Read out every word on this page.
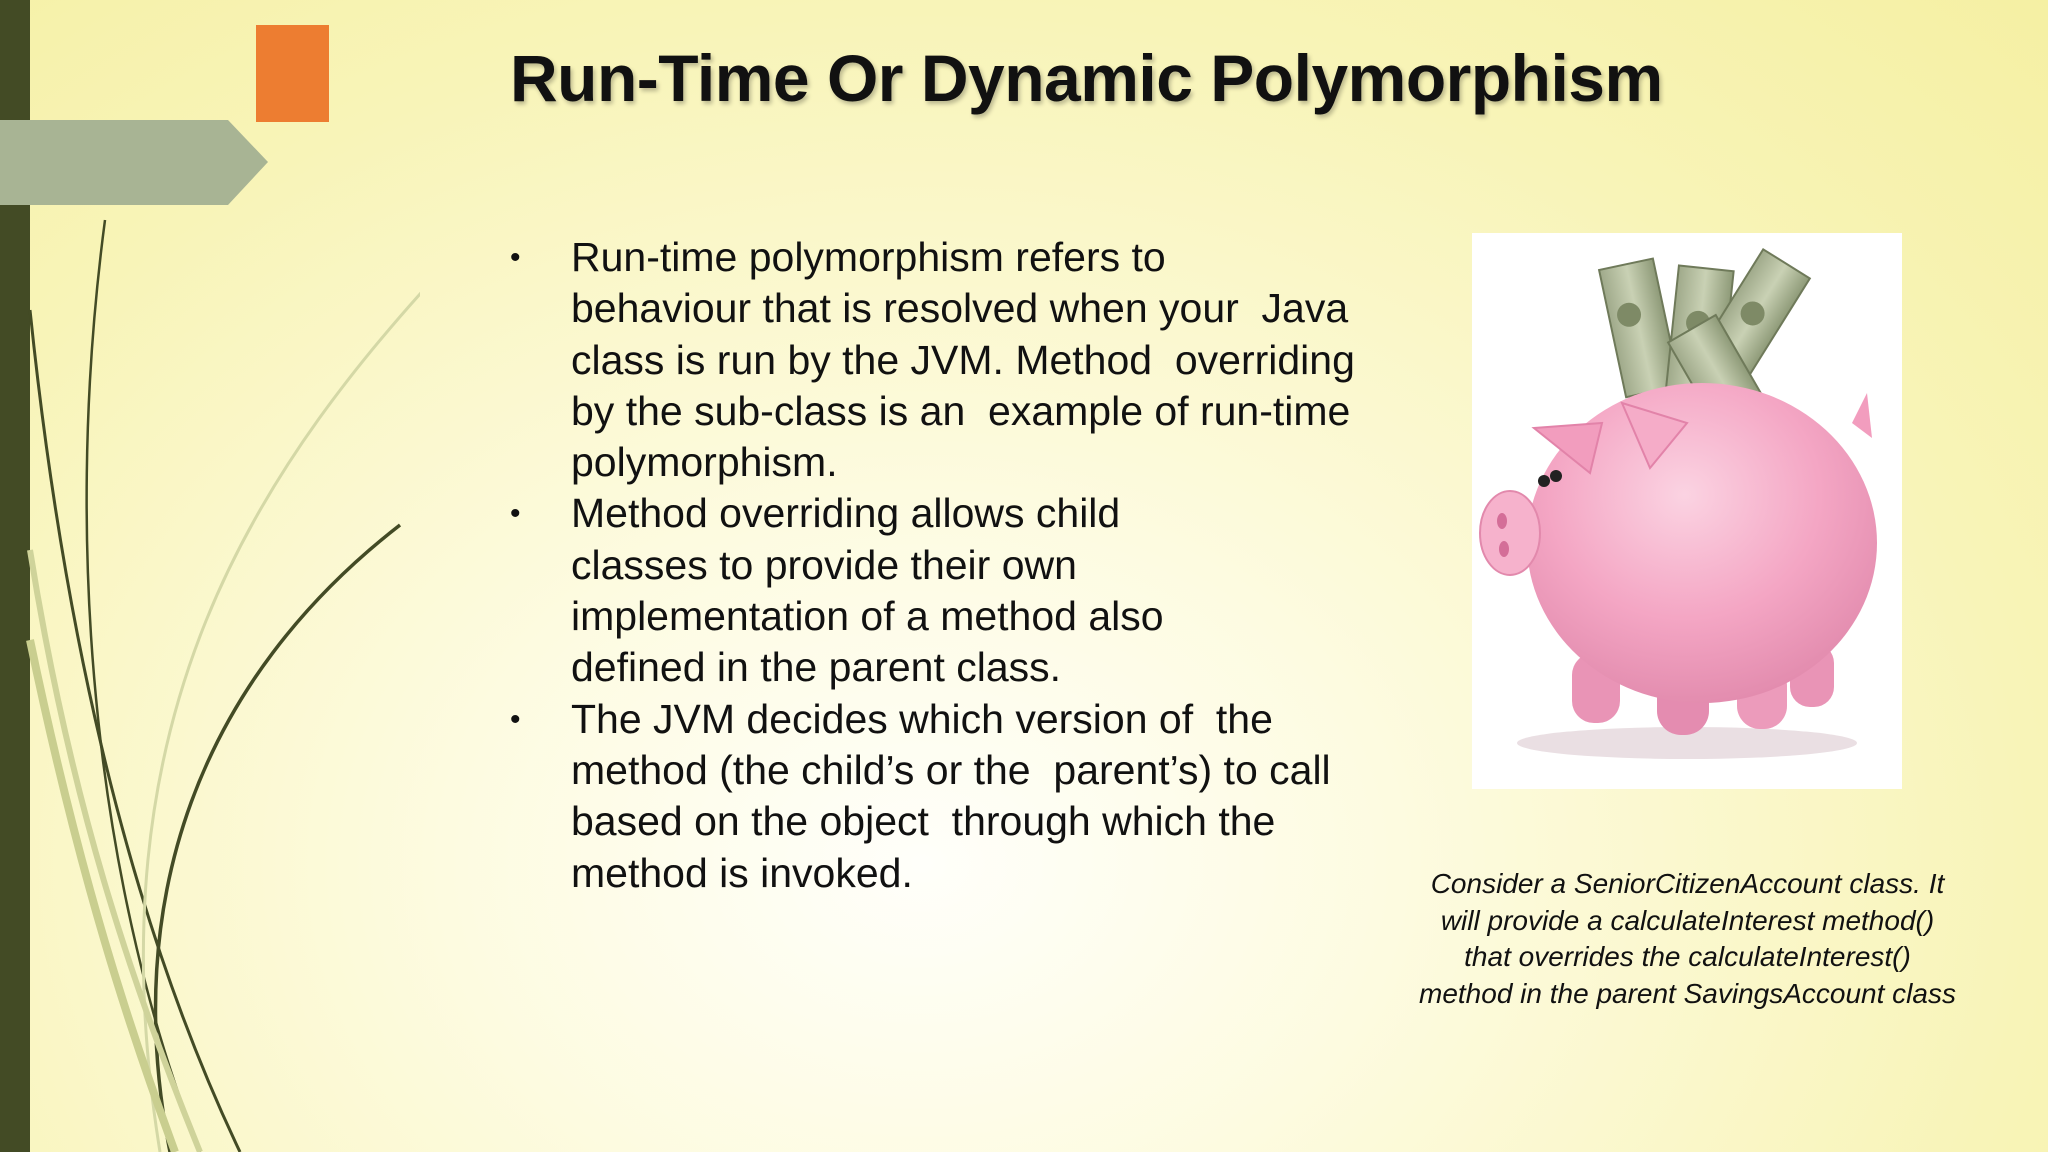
Run-Time Or Dynamic Polymorphism
• Run-time polymorphism refers to
behaviour that is resolved when your  Java
class is run by the JVM. Method  overriding
by the sub-class is an  example of run-time
polymorphism.
• Method overriding allows child
classes to provide their own
implementation of a method also
defined in the parent class.
• The JVM decides which version of  the
method (the child’s or the  parent’s) to call
based on the object  through which the
method is invoked.	Consider a SeniorCitizenAccount class. It
will provide a calculateInterest method()
that overrides the calculateInterest()
method in the parent SavingsAccount class
